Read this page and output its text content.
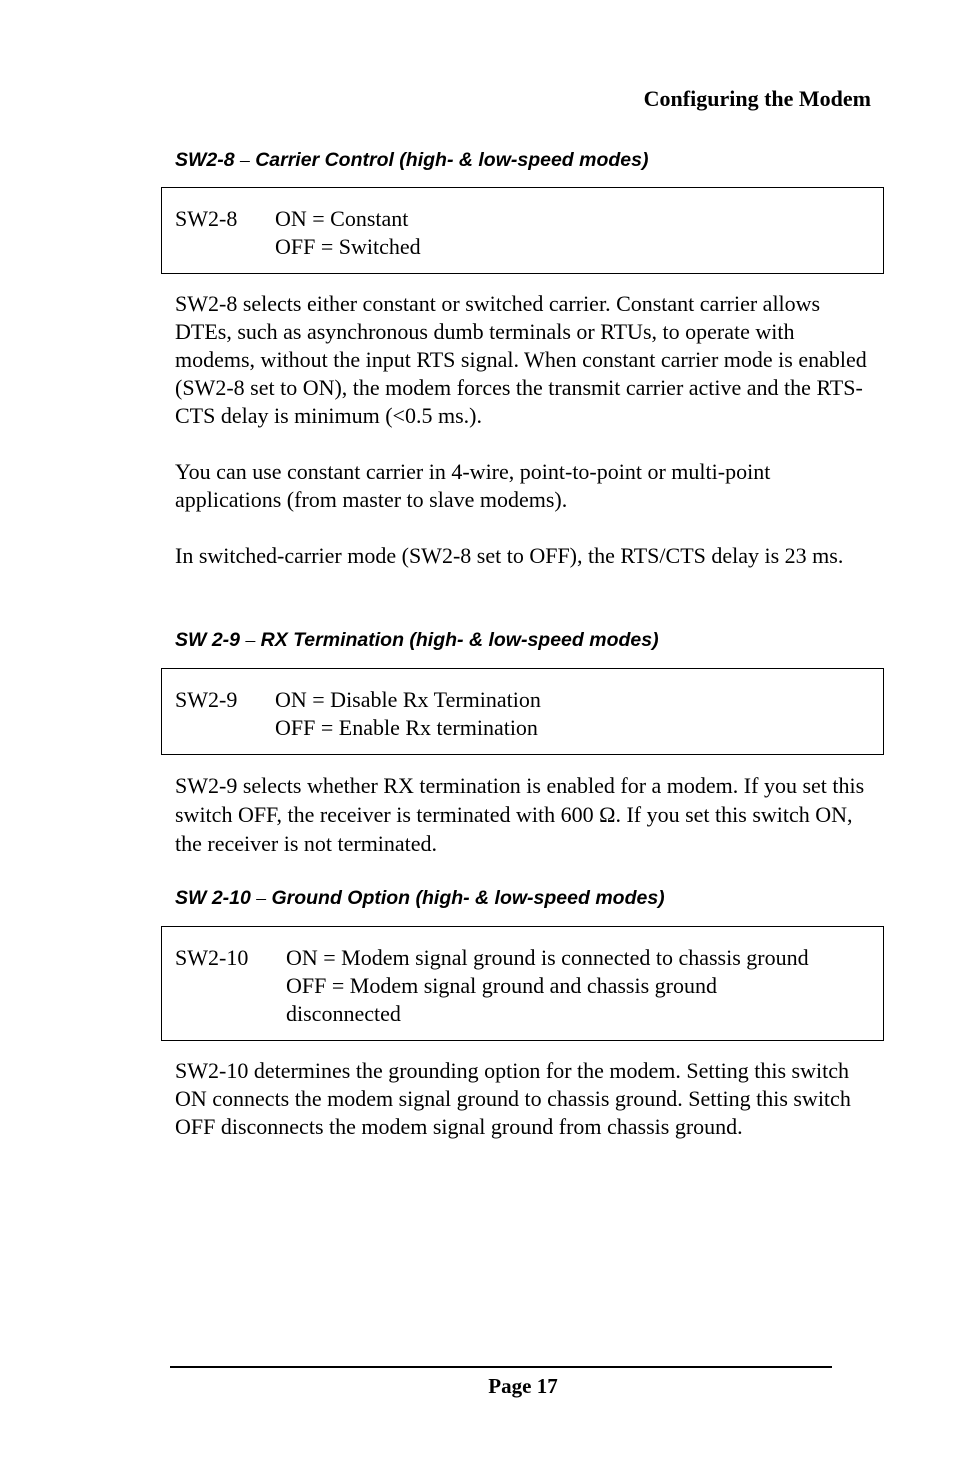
Configuring the Modem
SW2-8 – Carrier Control (high- & low-speed modes)
SW2-8	ON = Constant
OFF = Switched

SW2-8 selects either constant or switched carrier. Constant carrier allows DTEs, such as asynchronous dumb terminals or RTUs, to operate with modems, without the input RTS signal. When constant carrier mode is enabled (SW2-8 set to ON), the modem forces the transmit carrier active and the RTS-CTS delay is minimum (<0.5 ms.).

You can use constant carrier in 4-wire, point-to-point or multi-point applications (from master to slave modems).

In switched-carrier mode (SW2-8 set to OFF), the RTS/CTS delay is 23 ms.

SW 2-9 – RX Termination (high- & low-speed modes)
SW2-9	ON = Disable Rx Termination
OFF = Enable Rx termination

SW2-9 selects whether RX termination is enabled for a modem. If you set this switch OFF, the receiver is terminated with 600 Ω. If you set this switch ON, the receiver is not terminated.

SW 2-10 – Ground Option (high- & low-speed modes)
SW2-10	ON = Modem signal ground is connected to chassis ground
OFF = Modem signal ground and chassis ground
disconnected

SW2-10 determines the grounding option for the modem. Setting this switch ON connects the modem signal ground to chassis ground. Setting this switch OFF disconnects the modem signal ground from chassis ground.

Page 17
